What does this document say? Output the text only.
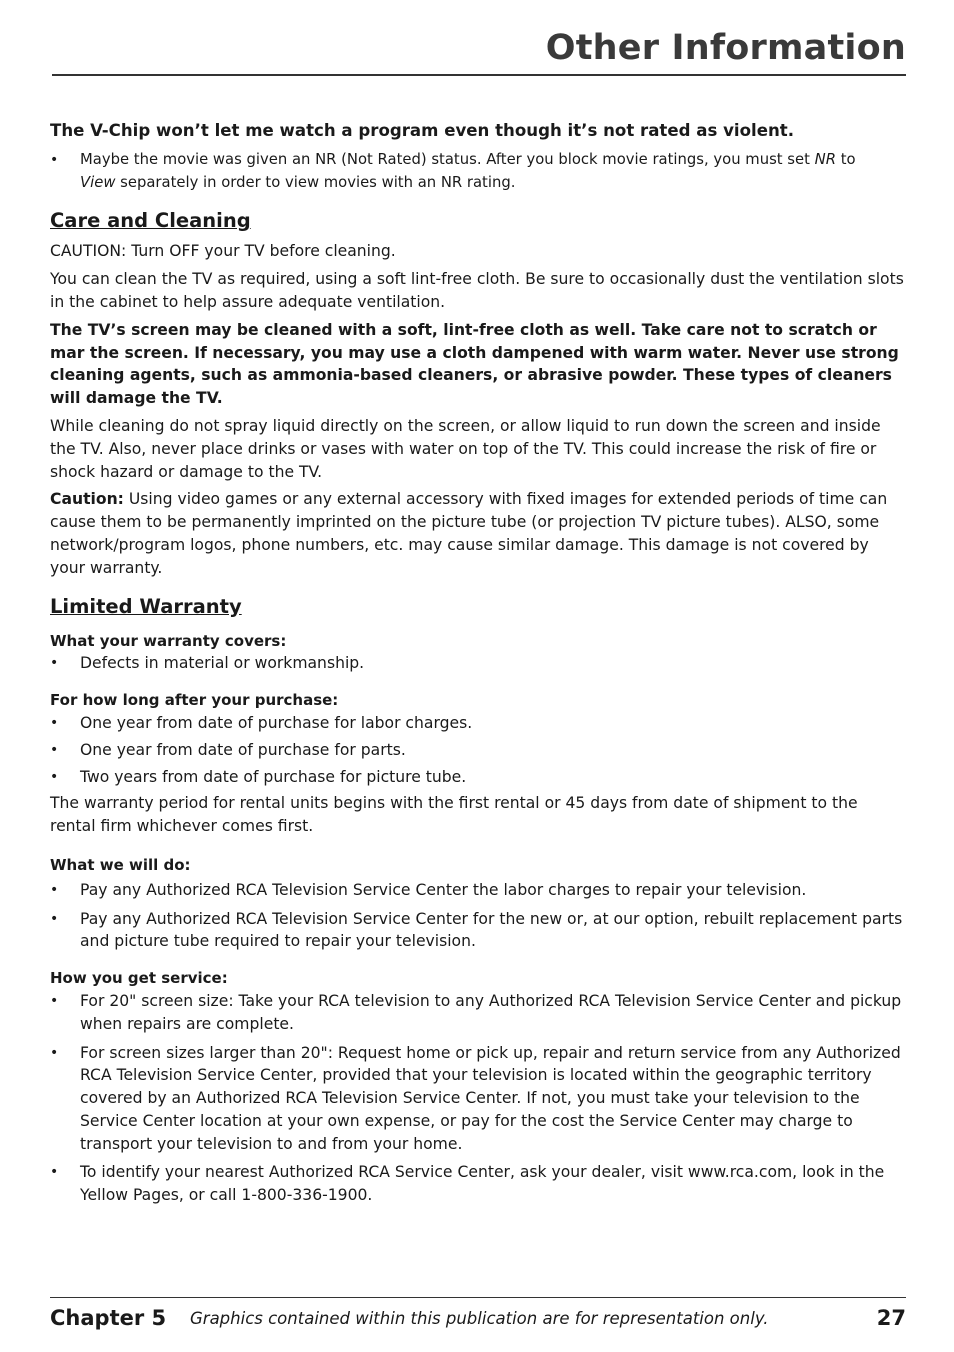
Other Information

The V-Chip won’t let me watch a program even though it’s not rated as violent.

•	Maybe the movie was given an NR (Not Rated) status. After you block movie ratings, you must set NR to
View separately in order to view movies with an NR rating.
Care and Cleaning

CAUTION: Turn OFF your TV before cleaning.

You can clean the TV as required, using a soft lint-free cloth. Be sure to occasionally dust the ventilation slots in the cabinet to help assure adequate ventilation.

The TV’s screen may be cleaned with a soft, lint-free cloth as well. Take care not to scratch or mar the screen. If necessary, you may use a cloth dampened with warm water. Never use strong cleaning agents, such as ammonia-based cleaners, or abrasive powder. These types of cleaners will damage the TV.

While cleaning do not spray liquid directly on the screen, or allow liquid to run down the screen and inside the TV. Also, never place drinks or vases with water on top of the TV. This could increase the risk of fire or shock hazard or damage to the TV.

Caution: Using video games or any external accessory with fixed images for extended periods of time can cause them to be permanently imprinted on the picture tube (or projection TV picture tubes). ALSO, some network/program logos, phone numbers, etc. may cause similar damage. This damage is not covered by your warranty.

Limited Warranty

What your warranty covers:

•	Defects in material or workmanship.

For how long after your purchase:

•	One year from date of purchase for labor charges.
•	One year from date of purchase for parts.
•	Two years from date of purchase for picture tube.

The warranty period for rental units begins with the first rental or 45 days from date of shipment to the rental firm whichever comes first.

What we will do:

•	Pay any Authorized RCA Television Service Center the labor charges to repair your television.
•	Pay any Authorized RCA Television Service Center for the new or, at our option, rebuilt replacement parts and picture tube required to repair your television.

How you get service:

•	For 20" screen size: Take your RCA television to any Authorized RCA Television Service Center and pickup when repairs are complete.
•	For screen sizes larger than 20": Request home or pick up, repair and return service from any Authorized RCA Television Service Center, provided that your television is located within the geographic territory covered by an Authorized RCA Television Service Center. If not, you must take your television to the Service Center location at your own expense, or pay for the cost the Service Center may charge to transport your television to and from your home.
•	To identify your nearest Authorized RCA Service Center, ask your dealer, visit www.rca.com, look in the Yellow Pages, or call 1-800-336-1900.
Chapter 5 Graphics contained within this publication are for representation only.	27
